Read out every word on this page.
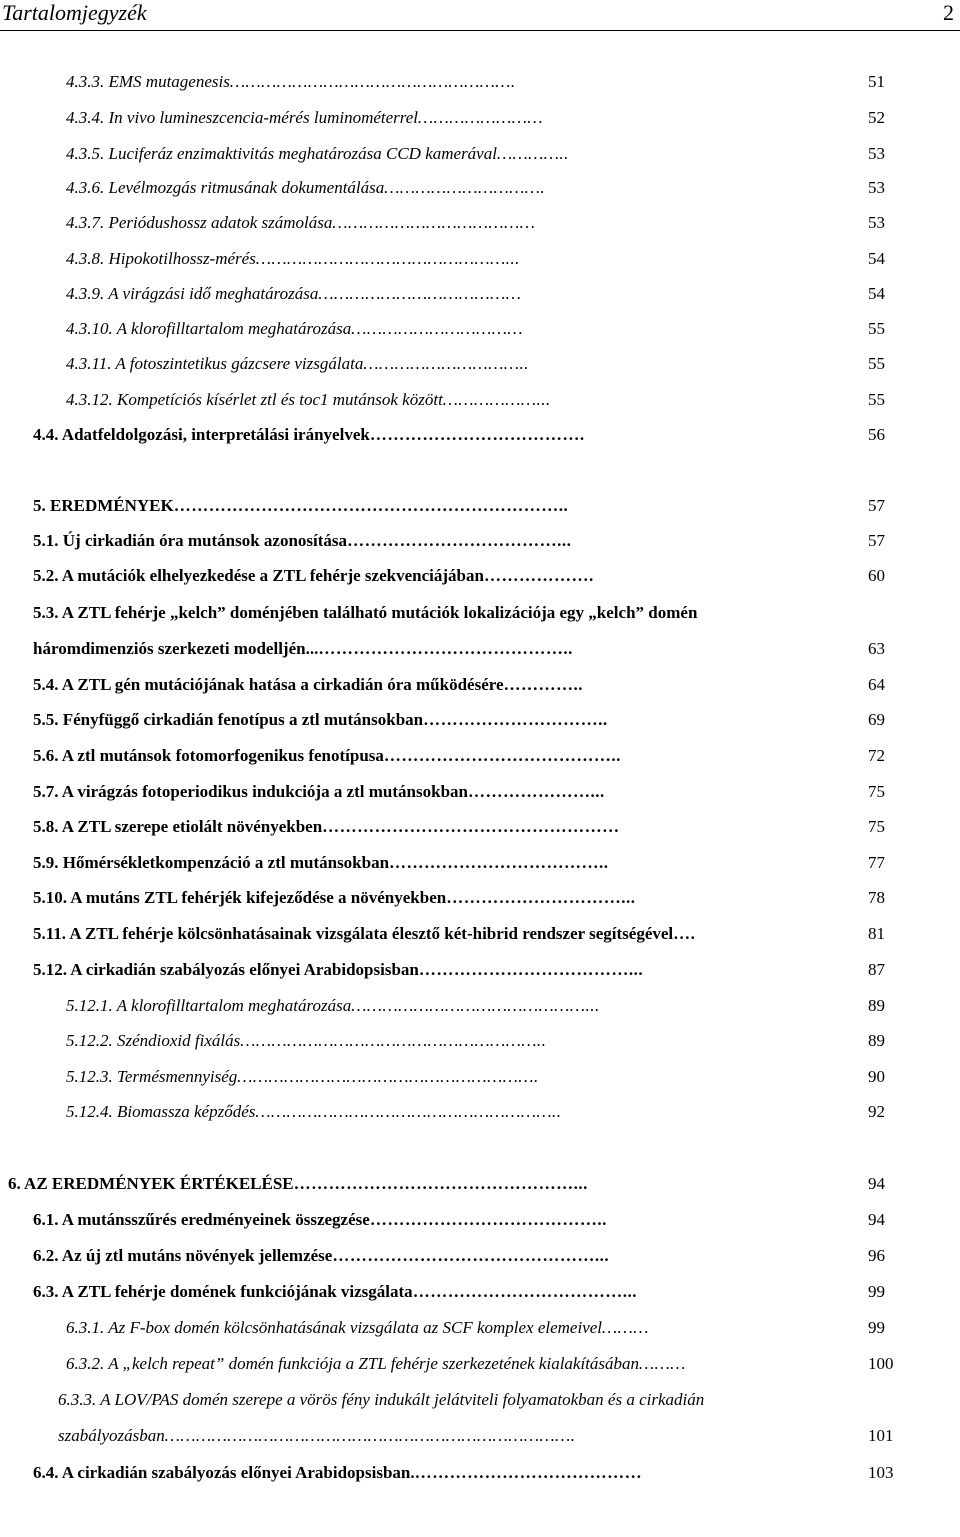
Tartalomjegyzék	2
4.3.3. EMS mutagenesis……………………………………………….	51
4.3.4. In vivo lumineszcencia-mérés luminométerrel……………………	52
4.3.5. Luciferáz enzimaktivitás meghatározása CCD kamerával…………..	53
4.3.6. Levélmozgás ritmusának dokumentálása………………………….	53
4.3.7. Periódushossz adatok számolása…………………………………	53
4.3.8. Hipokotilhossz-mérés…………………………………………...	54
4.3.9. A virágzási idő meghatározása…………………………………	54
4.3.10. A klorofilltartalom meghatározása……………………………	55
4.3.11. A fotoszintetikus gázcsere vizsgálata…………………………..	55
4.3.12. Kompetíciós kísérlet ztl és toc1 mutánsok között………………...	55
4.4. Adatfeldolgozási, interpretálási irányelvek……………………………….	56
5. EREDMÉNYEK…………………………………………………………..	57
5.1. Új cirkadián óra mutánsok azonosítása………………………………...	57
5.2. A mutációk elhelyezkedése a ZTL fehérje szekvenciájában……………….	60
5.3. A ZTL fehérje „kelch” doménjében található mutációk lokalizációja egy „kelch” domén
háromdimenziós szerkezeti modelljén...……………………………………..	63
5.4. A ZTL gén mutációjának hatása a cirkadián óra működésére…………..	64
5.5. Fényfüggő cirkadián fenotípus a ztl mutánsokban…………………………..	69
5.6. A ztl mutánsok fotomorfogenikus fenotípusa…………………………………..	72
5.7. A virágzás fotoperiodikus indukciója a ztl mutánsokban…………………...	75
5.8. A ZTL szerepe etiolált növényekben……………………………………………	75
5.9. Hőmérsékletkompenzáció a ztl mutánsokban………………………………..	77
5.10. A mutáns ZTL fehérjék kifejeződése a növényekben…………………………...	78
5.11. A ZTL fehérje kölcsönhatásainak vizsgálata élesztő két-hibrid rendszer segítségével….	81
5.12. A cirkadián szabályozás előnyei Arabidopsisban………………………………...	87
5.12.1. A klorofilltartalom meghatározása………………………………………...	89
5.12.2. Széndioxid fixálás…………………………………………………..	89
5.12.3. Termésmennyiség………………………………………………….	90
5.12.4. Biomassza képződés…………………………………………………..	92
6. AZ EREDMÉNYEK ÉRTÉKELÉSE…………………………………………...	94
6.1. A mutánsszűrés eredményeinek összegzése…………………………………..	94
6.2. Az új ztl mutáns növények jellemzése………………………………………...	96
6.3. A ZTL fehérje domének funkciójának vizsgálata………………………………...	99
6.3.1. Az F-box domén kölcsönhatásának vizsgálata az SCF komplex elemeivel………	99
6.3.2. A „kelch repeat” domén funkciója a ZTL fehérje szerkezetének kialakításában………	100
6.3.3. A LOV/PAS domén szerepe a vörös fény indukált jelátviteli folyamatokban és a cirkadián
szabályozásban…………………………………………………………………….	101
6.4. A cirkadián szabályozás előnyei Arabidopsisban.…………………………………	103
